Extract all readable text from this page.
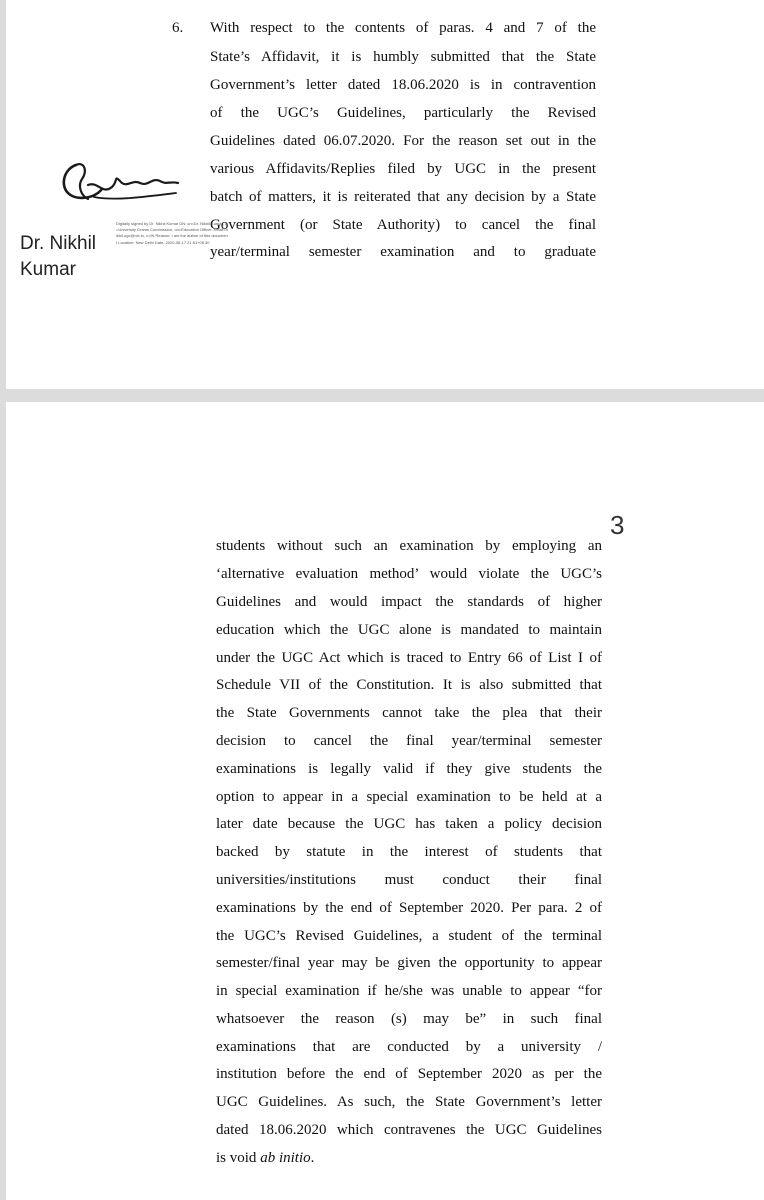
6. With respect to the contents of paras. 4 and 7 of the
State’s Affidavit, it is humbly submitted that the State
Government’s letter dated 18.06.2020 is in contravention
of the UGC’s Guidelines, particularly the Revised
Guidelines dated 06.07.2020. For the reason set out in the
various Affidavits/Replies filed by UGC in the present
batch of matters, it is reiterated that any decision by a State
Government (or State Authority) to cancel the final
year/terminal semester examination and to graduate
Dr. Nikhil
Kumar
Digitally signed by Dr. Nikhil Kumar DN: cn=Dr. Nikhil Kumar, o=University Grants Commission, ou=Education Officer, email=nikhil.ugc@nic.in, c=IN Reason: I am the author of this document Location: New Delhi Date: 2020-08-17 21:51+05:30
3
students without such an examination by employing an
‘alternative evaluation method’ would violate the UGC’s
Guidelines and would impact the standards of higher
education which the UGC alone is mandated to maintain
under the UGC Act which is traced to Entry 66 of List I of
Schedule VII of the Constitution. It is also submitted that
the State Governments cannot take the plea that their
decision to cancel the final year/terminal semester
examinations is legally valid if they give students the
option to appear in a special examination to be held at a
later date because the UGC has taken a policy decision
backed by statute in the interest of students that
universities/institutions must conduct their final
examinations by the end of September 2020. Per para. 2 of
the UGC’s Revised Guidelines, a student of the terminal
semester/final year may be given the opportunity to appear
in special examination if he/she was unable to appear “for
whatsoever the reason (s) may be” in such final
examinations that are conducted by a university /
institution before the end of September 2020 as per the
UGC Guidelines. As such, the State Government’s letter
dated 18.06.2020 which contravenes the UGC Guidelines
is void ab initio.
